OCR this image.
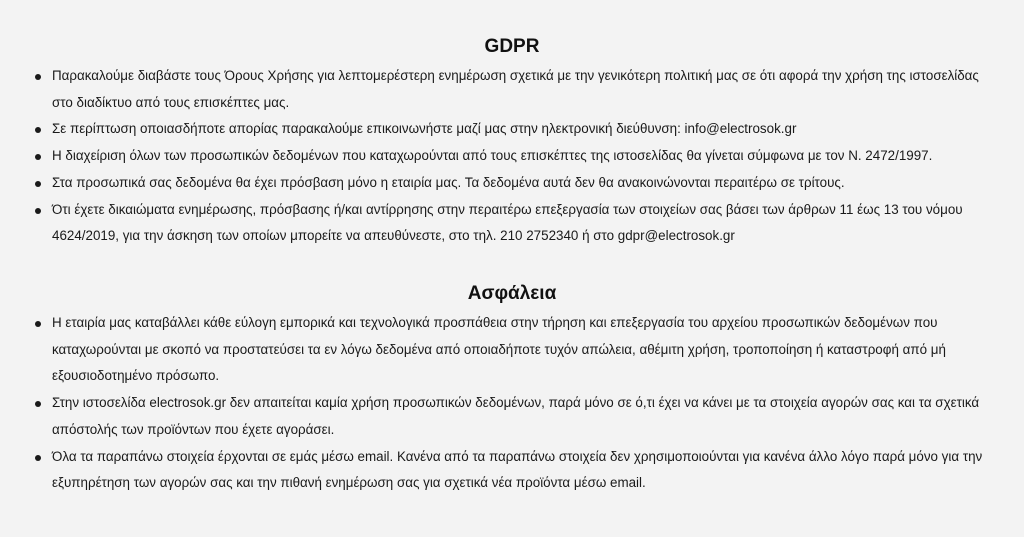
GDPR
Παρακαλούμε διαβάστε τους Όρους Χρήσης για λεπτομερέστερη ενημέρωση σχετικά με την γενικότερη πολιτική μας σε ότι αφορά την χρήση της ιστοσελίδας στο διαδίκτυο από τους επισκέπτες μας.
Σε περίπτωση οποιασδήποτε απορίας παρακαλούμε επικοινωνήστε μαζί μας στην ηλεκτρονική διεύθυνση: info@electrosok.gr
Η διαχείριση όλων των προσωπικών δεδομένων που καταχωρούνται από τους επισκέπτες της ιστοσελίδας θα γίνεται σύμφωνα με τον Ν. 2472/1997.
Στα προσωπικά σας δεδομένα θα έχει πρόσβαση μόνο η εταιρία μας. Τα δεδομένα αυτά δεν θα ανακοινώνονται περαιτέρω σε τρίτους.
Ότι έχετε δικαιώματα ενημέρωσης, πρόσβασης ή/και αντίρρησης στην περαιτέρω επεξεργασία των στοιχείων σας βάσει των άρθρων 11 έως 13 του νόμου 4624/2019, για την άσκηση των οποίων μπορείτε να απευθύνεστε, στο τηλ. 210 2752340 ή στο gdpr@electrosok.gr
Ασφάλεια
Η εταιρία μας καταβάλλει κάθε εύλογη εμπορικά και τεχνολογικά προσπάθεια στην τήρηση και επεξεργασία του αρχείου προσωπικών δεδομένων που καταχωρούνται με σκοπό να προστατεύσει τα εν λόγω δεδομένα από οποιαδήποτε τυχόν απώλεια, αθέμιτη χρήση, τροποποίηση ή καταστροφή από μή εξουσιοδοτημένο πρόσωπο.
Στην ιστοσελίδα electrosok.gr δεν απαιτείται καμία χρήση προσωπικών δεδομένων, παρά μόνο σε ό,τι έχει να κάνει με τα στοιχεία αγορών σας και τα σχετικά απόστολής των προϊόντων που έχετε αγοράσει.
Όλα τα παραπάνω στοιχεία έρχονται σε εμάς μέσω email. Κανένα από τα παραπάνω στοιχεία δεν χρησιμοποιούνται για κανένα άλλο λόγο παρά μόνο για την εξυπηρέτηση των αγορών σας και την πιθανή ενημέρωση σας για σχετικά νέα προϊόντα μέσω email.
